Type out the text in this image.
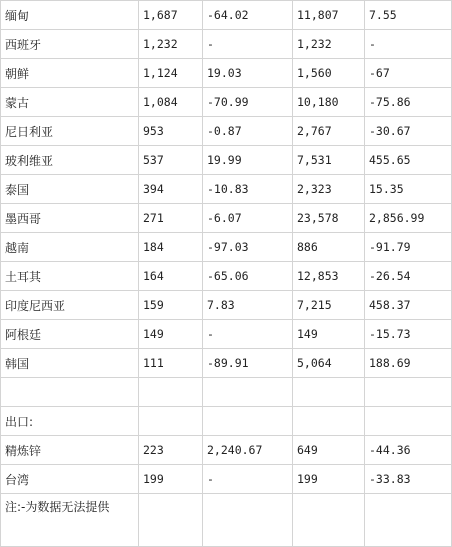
缅甸	1,687	-64.02	11,807	7.55
西班牙	1,232	-	1,232	-
朝鲜	1,124	19.03	1,560	-67
蒙古	1,084	-70.99	10,180	-75.86
尼日利亚	953	-0.87	2,767	-30.67
玻利维亚	537	19.99	7,531	455.65
泰国	394	-10.83	2,323	15.35
墨西哥	271	-6.07	23,578	2,856.99
越南	184	-97.03	886	-91.79
土耳其	164	-65.06	12,853	-26.54
印度尼西亚	159	7.83	7,215	458.37
阿根廷	149	-	149	-15.73
韩国	111	-89.91	5,064	188.69

出口:				
精炼锌	223	2,240.67	649	-44.36
台湾	199	-	199	-33.83
注:-为数据无法提供				
